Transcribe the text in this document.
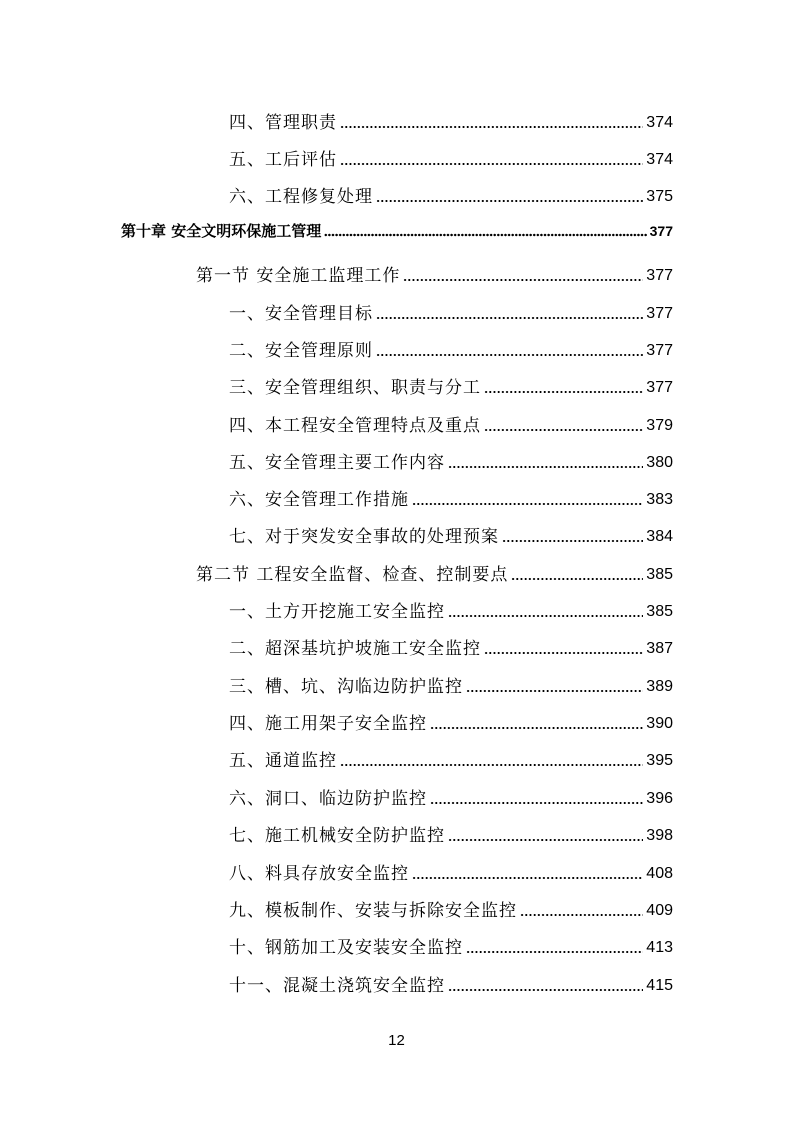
四、管理职责	374
五、工后评估	374
六、工程修复处理	375
第十章 安全文明环保施工管理	377
第一节 安全施工监理工作	377
一、安全管理目标	377
二、安全管理原则	377
三、安全管理组织、职责与分工	377
四、本工程安全管理特点及重点	379
五、安全管理主要工作内容	380
六、安全管理工作措施	383
七、对于突发安全事故的处理预案	384
第二节 工程安全监督、检查、控制要点	385
一、土方开挖施工安全监控	385
二、超深基坑护坡施工安全监控	387
三、槽、坑、沟临边防护监控	389
四、施工用架子安全监控	390
五、通道监控	395
六、洞口、临边防护监控	396
七、施工机械安全防护监控	398
八、料具存放安全监控	408
九、模板制作、安装与拆除安全监控	409
十、钢筋加工及安装安全监控	413
十一、混凝土浇筑安全监控	415
12
